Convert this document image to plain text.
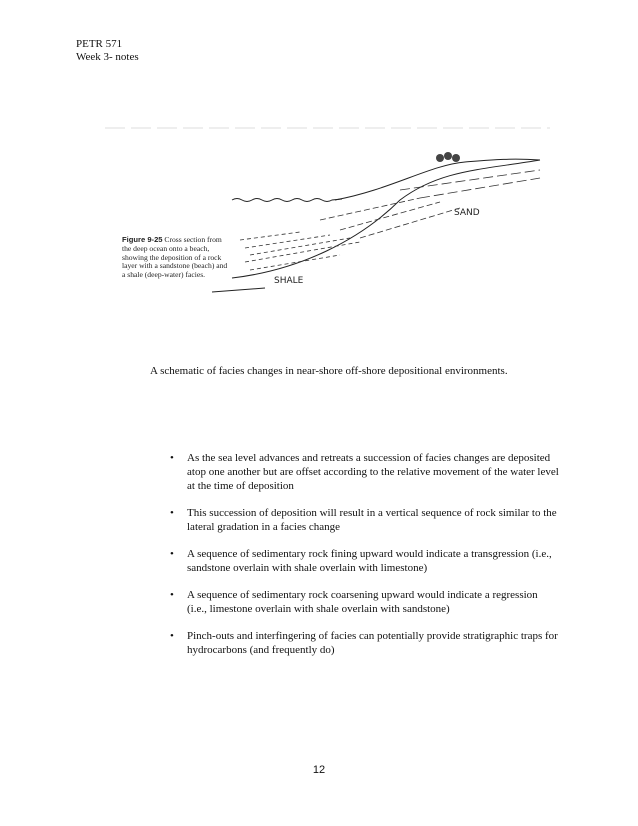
PETR 571
Week 3- notes
SAND
SHALE
Figure 9-25 Cross section from the deep ocean onto a beach, showing the deposition of a rock layer with a sandstone (beach) and a shale (deep-water) facies.
A schematic of facies changes in near-shore off-shore depositional environments.
• As the sea level advances and retreats a succession of facies changes are deposited atop one another but are offset according to the relative movement of the water level at the time of deposition
• This succession of deposition will result in a vertical sequence of rock similar to the lateral gradation in a facies change
• A sequence of sedimentary rock fining upward would indicate a transgression (i.e., sandstone overlain with shale overlain with limestone)
• A sequence of sedimentary rock coarsening upward would indicate a regression (i.e., limestone overlain with shale overlain with sandstone)
• Pinch-outs and interfingering of facies can potentially provide stratigraphic traps for hydrocarbons (and frequently do)
12
